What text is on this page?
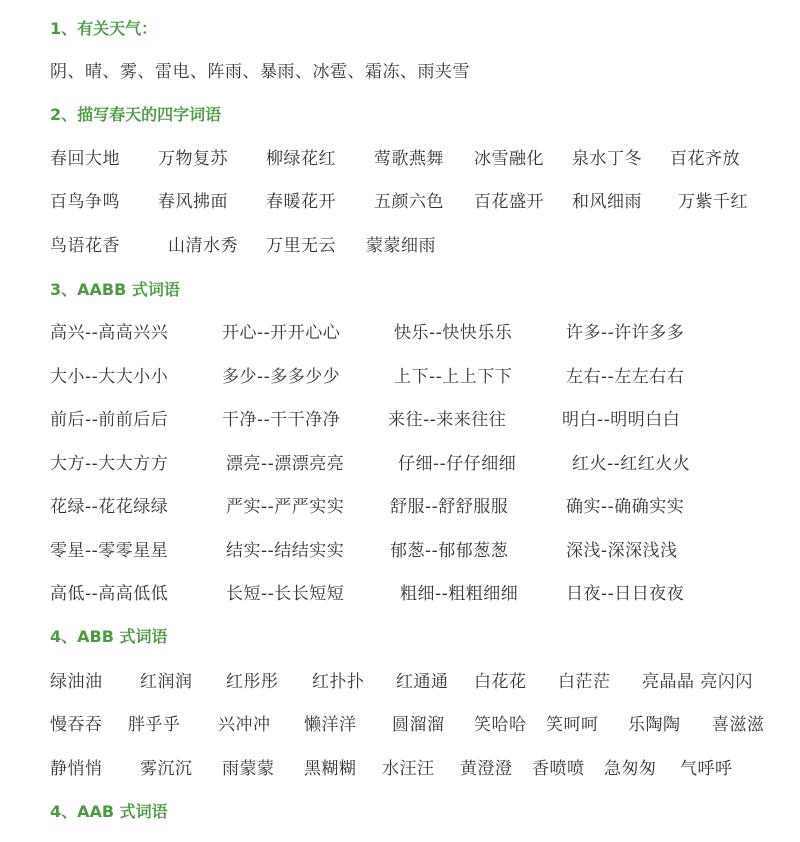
1、有关天气：
阴、晴、雾、雷电、阵雨、暴雨、冰雹、霜冻、雨夹雪
2、描写春天的四字词语
春回大地 万物复苏 柳绿花红 莺歌燕舞 冰雪融化 泉水丁冬 百花齐放
百鸟争鸣 春风拂面 春暖花开 五颜六色 百花盛开 和风细雨 万紫千红
鸟语花香	山清水秀 万里无云 蒙蒙细雨
3、AABB 式词语
高兴--高高兴兴	开心--开开心心	快乐--快快乐乐	许多--许许多多
大小--大大小小	多少--多多少少	上下--上上下下	左右--左左右右
前后--前前后后	干净--干干净净	来往--来来往往	明白--明明白白
大方--大大方方	漂亮--漂漂亮亮	仔细--仔仔细细	红火--红红火火
花绿--花花绿绿	严实--严严实实	舒服--舒舒服服	确实--确确实实
零星--零零星星	结实--结结实实	郁葱--郁郁葱葱	深浅-深深浅浅
高低--高高低低	长短--长长短短	粗细--粗粗细细	日夜--日日夜夜
4、ABB 式词语
绿油油 红润润 红彤彤 红扑扑 红通通 白花花 白茫茫 亮晶晶 亮闪闪
慢吞吞 胖乎乎 兴冲冲 懒洋洋 圆溜溜 笑哈哈 笑呵呵 乐陶陶 喜滋滋
静悄悄 雾沉沉 雨蒙蒙 黑糊糊 水汪汪 黄澄澄 香喷喷 急匆匆 气呼呼
4、AAB 式词语
